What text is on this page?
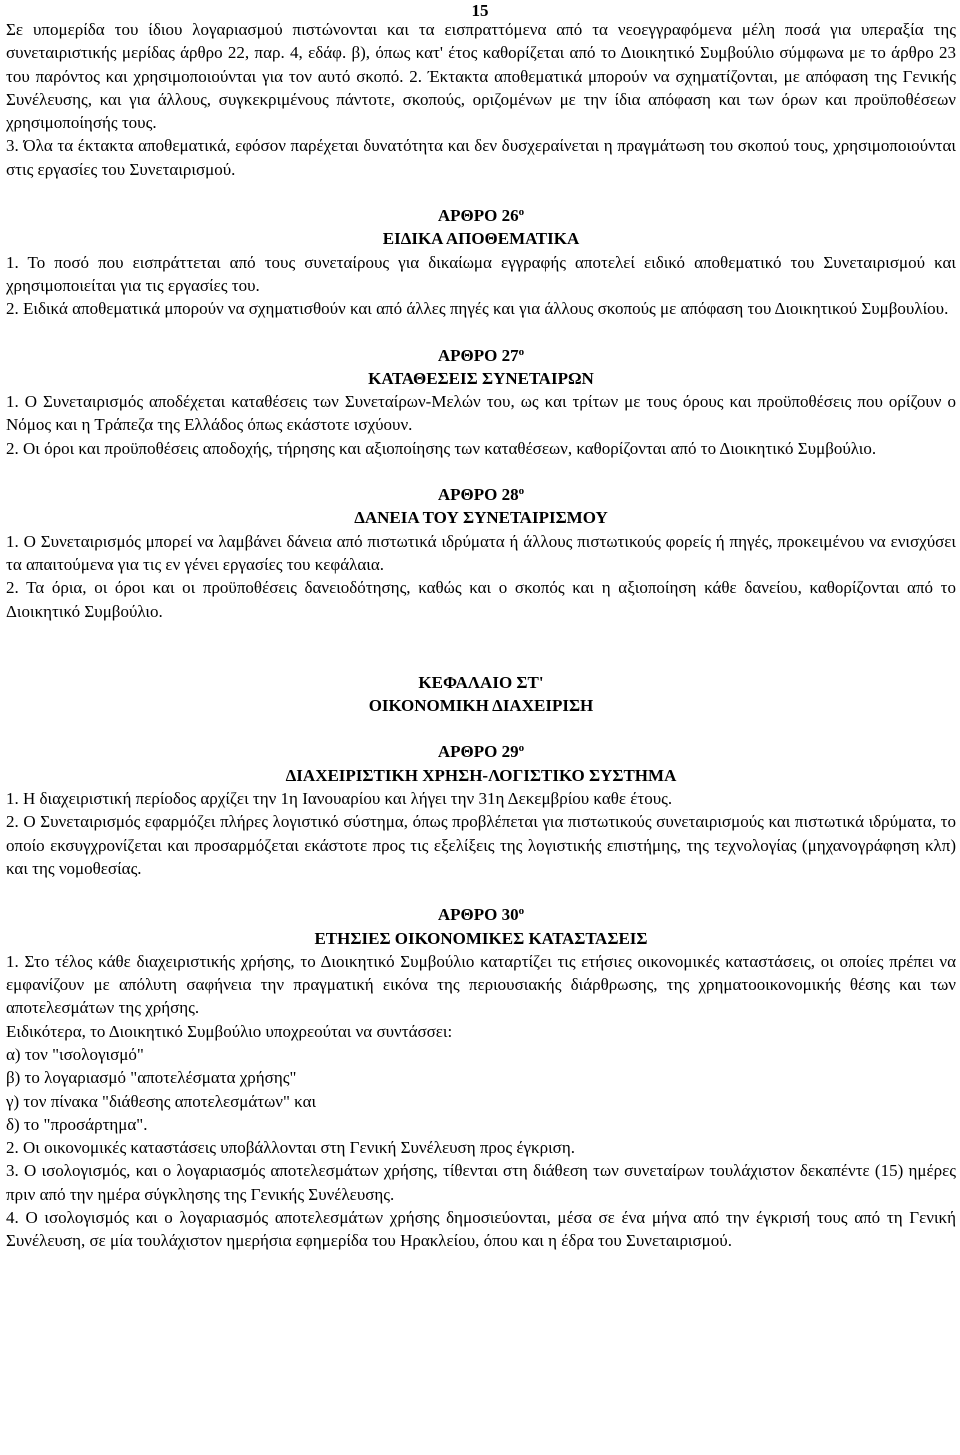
15

Σε υπομερίδα του ίδιου λογαριασμού πιστώνονται και τα εισπραττόμενα από τα νεοεγγραφόμενα μέλη ποσά για υπεραξία της συνεταιριστικής μερίδας άρθρο 22, παρ. 4, εδάφ. β), όπως κατ' έτος καθορίζεται από το Διοικητικό Συμβούλιο σύμφωνα με το άρθρο 23 του παρόντος και χρησιμοποιούνται για τον αυτό σκοπό. 2. Έκτακτα αποθεματικά μπορούν να σχηματίζονται, με απόφαση της Γενικής Συνέλευσης, και για άλλους, συγκεκριμένους πάντοτε, σκοπούς, οριζομένων με την ίδια απόφαση και των όρων και προϋποθέσεων χρησιμοποίησής τους.

3. Όλα τα έκτακτα αποθεματικά, εφόσον παρέχεται δυνατότητα και δεν δυσχεραίνεται η πραγμάτωση του σκοπού τους, χρησιμοποιούνται στις εργασίες του Συνεταιρισμού.

ΑΡΘΡΟ $26^o$
ΕΙΔΙΚΑ ΑΠΟΘΕΜΑΤΙΚΑ

1. Το ποσό που εισπράττεται από τους συνεταίρους για δικαίωμα εγγραφής αποτελεί ειδικό αποθεματικό του Συνεταιρισμού και χρησιμοποιείται για τις εργασίες του.

2. Ειδικά αποθεματικά μπορούν να σχηματισθούν και από άλλες πηγές και για άλλους σκοπούς με απόφαση του Διοικητικού Συμβουλίου.

ΑΡΘΡΟ $27^o$
ΚΑΤΑΘΕΣΕΙΣ ΣΥΝΕΤΑΙΡΩΝ

1. Ο Συνεταιρισμός αποδέχεται καταθέσεις των Συνεταίρων-Μελών του, ως και τρίτων με τους όρους και προϋποθέσεις που ορίζουν ο Νόμος και η Τράπεζα της Ελλάδος όπως εκάστοτε ισχύουν.

2. Οι όροι και προϋποθέσεις αποδοχής, τήρησης και αξιοποίησης των καταθέσεων, καθορίζονται από το Διοικητικό Συμβούλιο.

ΑΡΘΡΟ $28^o$
ΔΑΝΕΙΑ ΤΟΥ ΣΥΝΕΤΑΙΡΙΣΜΟΥ

1. Ο Συνεταιρισμός μπορεί να λαμβάνει δάνεια από πιστωτικά ιδρύματα ή άλλους πιστωτικούς φορείς ή πηγές, προκειμένου να ενισχύσει τα απαιτούμενα για τις εν γένει εργασίες του κεφάλαια.

2. Τα όρια, οι όροι και οι προϋποθέσεις δανειοδότησης, καθώς και ο σκοπός και η αξιοποίηση κάθε δανείου, καθορίζονται από το Διοικητικό Συμβούλιο.

ΚΕΦΑΛΑΙΟ ΣΤ'
ΟΙΚΟΝΟΜΙΚΗ ΔΙΑΧΕΙΡΙΣΗ
ΑΡΘΡΟ $29^o$
ΔΙΑΧΕΙΡΙΣΤΙΚΗ ΧΡΗΣΗ-ΛΟΓΙΣΤΙΚΟ ΣΥΣΤΗΜΑ

1. Η διαχειριστική περίοδος αρχίζει την 1η Ιανουαρίου και λήγει την 31η Δεκεμβρίου καθε έτους.

2. Ο Συνεταιρισμός εφαρμόζει πλήρες λογιστικό σύστημα, όπως προβλέπεται για πιστωτικούς συνεταιρισμούς και πιστωτικά ιδρύματα, το οποίο εκσυγχρονίζεται και προσαρμόζεται εκάστοτε προς τις εξελίξεις της λογιστικής επιστήμης, της τεχνολογίας (μηχανογράφηση κλπ) και της νομοθεσίας.

ΑΡΘΡΟ $30^o$
ΕΤΗΣΙΕΣ ΟΙΚΟΝΟΜΙΚΕΣ ΚΑΤΑΣΤΑΣΕΙΣ

1. Στο τέλος κάθε διαχειριστικής χρήσης, το Διοικητικό Συμβούλιο καταρτίζει τις ετήσιες οικονομικές καταστάσεις, οι οποίες πρέπει να εμφανίζουν με απόλυτη σαφήνεια την πραγματική εικόνα της περιουσιακής διάρθρωσης, της χρηματοοικονομικής θέσης και των αποτελεσμάτων της χρήσης.

Ειδικότερα, το Διοικητικό Συμβούλιο υποχρεούται να συντάσσει:

α) τον "ισολογισμό"

β) το λογαριασμό "αποτελέσματα χρήσης"

γ) τον πίνακα "διάθεσης αποτελεσμάτων" και

δ) το "προσάρτημα".

2. Οι οικονομικές καταστάσεις υποβάλλονται στη Γενική Συνέλευση προς έγκριση.

3. Ο ισολογισμός, και ο λογαριασμός αποτελεσμάτων χρήσης, τίθενται στη διάθεση των συνεταίρων τουλάχιστον δεκαπέντε (15) ημέρες πριν από την ημέρα σύγκλησης της Γενικής Συνέλευσης.

4. Ο ισολογισμός και ο λογαριασμός αποτελεσμάτων χρήσης δημοσιεύονται, μέσα σε ένα μήνα από την έγκρισή τους από τη Γενική Συνέλευση, σε μία τουλάχιστον ημερήσια εφημερίδα του Ηρακλείου, όπου και η έδρα του Συνεταιρισμού.
